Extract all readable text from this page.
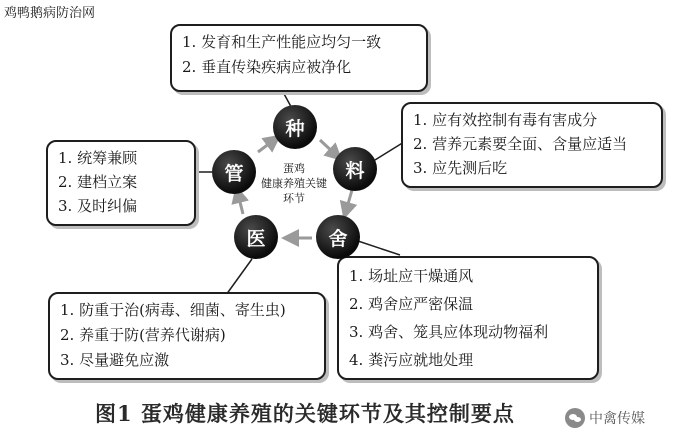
鸡鸭鹅病防治网
1. 发育和生产性能应均匀一致
2. 垂直传染疾病应被净化
1. 应有效控制有毒有害成分
2. 营养元素要全面、含量应适当
3. 应先测后吃
1. 统筹兼顾
2. 建档立案
3. 及时纠偏
1. 防重于治(病毒、细菌、寄生虫)
2. 养重于防(营养代谢病)
3. 尽量避免应激
1. 场址应干燥通风
2. 鸡舍应严密保温
3. 鸡舍、笼具应体现动物福利
4. 粪污应就地处理
种
料
舍
医
管	蛋鸡
健康养殖关键
环节
图1 蛋鸡健康养殖的关键环节及其控制要点	中禽传媒
